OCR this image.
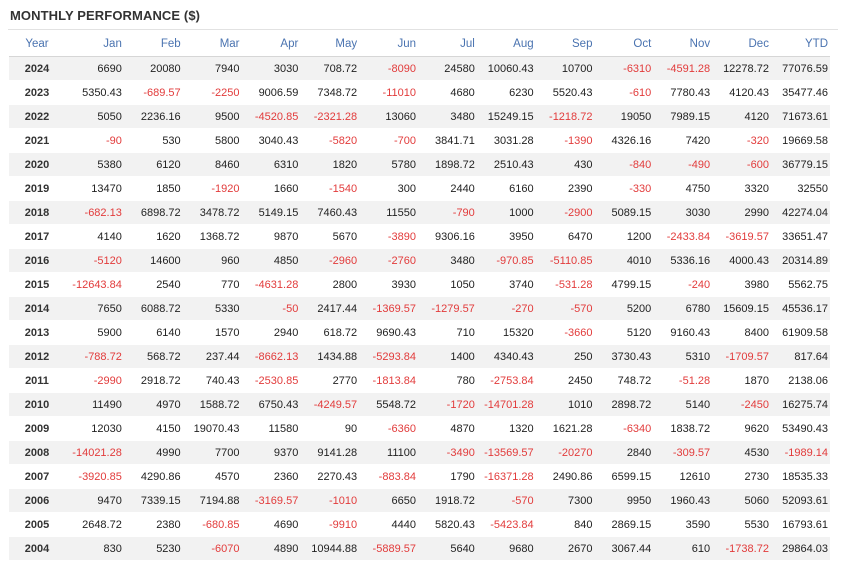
MONTHLY PERFORMANCE ($)
Year	Jan	Feb	Mar	Apr	May	Jun	Jul	Aug	Sep	Oct	Nov	Dec	YTD
2024	6690	20080	7940	3030	708.72	-8090	24580	10060.43	10700	-6310	-4591.28	12278.72	77076.59
2023	5350.43	-689.57	-2250	9006.59	7348.72	-11010	4680	6230	5520.43	-610	7780.43	4120.43	35477.46
2022	5050	2236.16	9500	-4520.85	-2321.28	13060	3480	15249.15	-1218.72	19050	7989.15	4120	71673.61
2021	-90	530	5800	3040.43	-5820	-700	3841.71	3031.28	-1390	4326.16	7420	-320	19669.58
2020	5380	6120	8460	6310	1820	5780	1898.72	2510.43	430	-840	-490	-600	36779.15
2019	13470	1850	-1920	1660	-1540	300	2440	6160	2390	-330	4750	3320	32550
2018	-682.13	6898.72	3478.72	5149.15	7460.43	11550	-790	1000	-2900	5089.15	3030	2990	42274.04
2017	4140	1620	1368.72	9870	5670	-3890	9306.16	3950	6470	1200	-2433.84	-3619.57	33651.47
2016	-5120	14600	960	4850	-2960	-2760	3480	-970.85	-5110.85	4010	5336.16	4000.43	20314.89
2015	-12643.84	2540	770	-4631.28	2800	3930	1050	3740	-531.28	4799.15	-240	3980	5562.75
2014	7650	6088.72	5330	-50	2417.44	-1369.57	-1279.57	-270	-570	5200	6780	15609.15	45536.17
2013	5900	6140	1570	2940	618.72	9690.43	710	15320	-3660	5120	9160.43	8400	61909.58
2012	-788.72	568.72	237.44	-8662.13	1434.88	-5293.84	1400	4340.43	250	3730.43	5310	-1709.57	817.64
2011	-2990	2918.72	740.43	-2530.85	2770	-1813.84	780	-2753.84	2450	748.72	-51.28	1870	2138.06
2010	11490	4970	1588.72	6750.43	-4249.57	5548.72	-1720	-14701.28	1010	2898.72	5140	-2450	16275.74
2009	12030	4150	19070.43	11580	90	-6360	4870	1320	1621.28	-6340	1838.72	9620	53490.43
2008	-14021.28	4990	7700	9370	9141.28	11100	-3490	-13569.57	-20270	2840	-309.57	4530	-1989.14
2007	-3920.85	4290.86	4570	2360	2270.43	-883.84	1790	-16371.28	2490.86	6599.15	12610	2730	18535.33
2006	9470	7339.15	7194.88	-3169.57	-1010	6650	1918.72	-570	7300	9950	1960.43	5060	52093.61
2005	2648.72	2380	-680.85	4690	-9910	4440	5820.43	-5423.84	840	2869.15	3590	5530	16793.61
2004	830	5230	-6070	4890	10944.88	-5889.57	5640	9680	2670	3067.44	610	-1738.72	29864.03
